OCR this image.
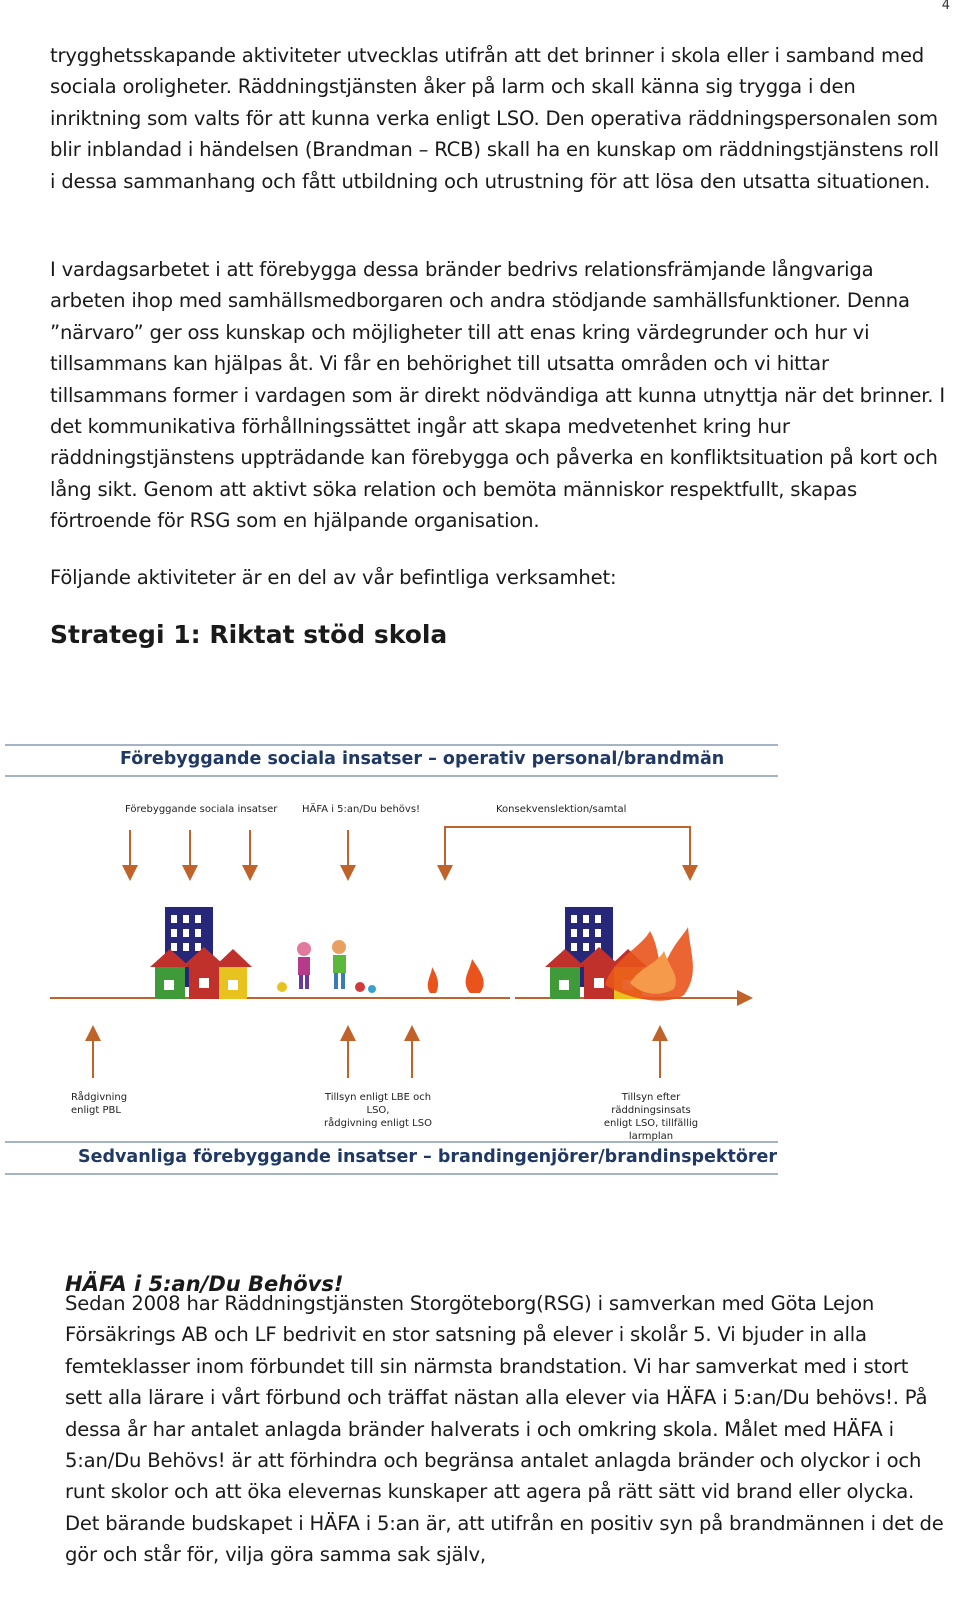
4

trygghetsskapande aktiviteter utvecklas utifrån att det brinner i skola eller i samband med sociala oroligheter. Räddningstjänsten åker på larm och skall känna sig trygga i den inriktning som valts för att kunna verka enligt LSO. Den operativa räddningspersonalen som blir inblandad i händelsen (Brandman – RCB) skall ha en kunskap om räddningstjänstens roll i dessa sammanhang och fått utbildning och utrustning för att lösa den utsatta situationen.

I vardagsarbetet i att förebygga dessa bränder bedrivs relationsfrämjande långvariga arbeten ihop med samhällsmedborgaren och andra stödjande samhällsfunktioner. Denna ”närvaro” ger oss kunskap och möjligheter till att enas kring värdegrunder och hur vi tillsammans kan hjälpas åt. Vi får en behörighet till utsatta områden och vi hittar tillsammans former i vardagen som är direkt nödvändiga att kunna utnyttja när det brinner. I det kommunikativa förhållningssättet ingår att skapa medvetenhet kring hur räddningstjänstens uppträdande kan förebygga och påverka en konfliktsituation på kort och lång sikt. Genom att aktivt söka relation och bemöta människor respektfullt, skapas förtroende för RSG som en hjälpande organisation.

Följande aktiviteter är en del av vår befintliga verksamhet:

Strategi 1: Riktat stöd skola
Förebyggande sociala insatser – operativ personal/brandmän
Förebyggande sociala insatser HÄFA i 5:an/Du behövs!	Konsekvenslektion/samtal
Rådgivning
enligt PBL
Tillsyn enligt LBE och LSO,
rådgivning enligt LSO
Tillsyn efter räddningsinsats
enligt LSO, tillfällig larmplan
Sedvanliga förebyggande insatser – brandingenjörer/brandinspektörer
HÄFA i 5:an/Du Behövs!

Sedan 2008 har Räddningstjänsten Storgöteborg(RSG) i samverkan med Göta Lejon Försäkrings AB och LF bedrivit en stor satsning på elever i skolår 5. Vi bjuder in alla femteklasser inom förbundet till sin närmsta brandstation. Vi har samverkat med i stort sett alla lärare i vårt förbund och träffat nästan alla elever via HÄFA i 5:an/Du behövs!. På dessa år har antalet anlagda bränder halverats i och omkring skola. Målet med HÄFA i 5:an/Du Behövs! är att förhindra och begränsa antalet anlagda bränder och olyckor i och runt skolor och att öka elevernas kunskaper att agera på rätt sätt vid brand eller olycka. Det bärande budskapet i HÄFA i 5:an är, att utifrån en positiv syn på brandmännen i det de gör och står för, vilja göra samma sak själv,
